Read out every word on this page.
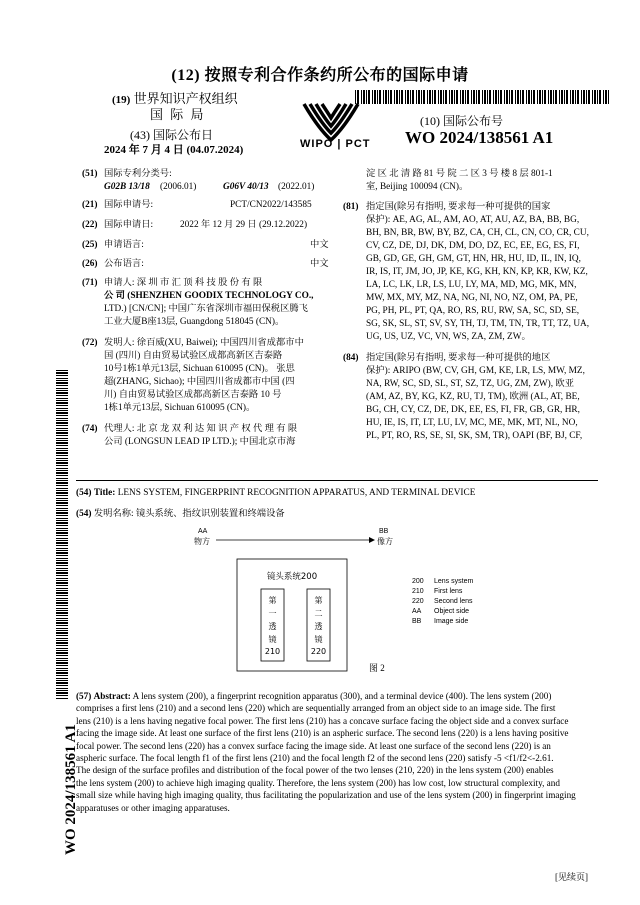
(12) 按照专利合作条约所公布的国际申请
(19) 世界知识产权组织
国 际 局
WIPO | PCT
(10) 国际公布号
WO 2024/138561 A1
(43) 国际公布日
2024 年 7 月 4 日 (04.07.2024)
WO 2024/138561 A1
(51) 国际专利分类号:
G02B 13/18 (2006.01)	G06V 40/13 (2022.01)
(21) 国际申请号:	PCT/CN2022/143585
(22) 国际申请日:	2022 年 12 月 29 日 (29.12.2022)
(25) 申请语言:	中文
(26) 公布语言:	中文
(71) 申请人: 深 圳 市 汇 顶 科 技 股 份 有 限
公 司 (SHENZHEN GOODIX TECHNOLOGY CO.,
LTD.) [CN/CN]; 中国广东省深圳市福田保税区腾飞
工业大厦B座13层, Guangdong 518045 (CN)。
(72) 发明人: 徐百威(XU, Baiwei); 中国四川省成都市中
国 (四川) 自由贸易试验区成都高新区吉泰路
10号1栋1单元13层, Sichuan 610095 (CN)。 张思
超(ZHANG, Sichao); 中国四川省成都市中国 (四
川) 自由贸易试验区成都高新区吉泰路 10 号
1栋1单元13层, Sichuan 610095 (CN)。
(74) 代理人: 北 京 龙 双 利 达 知 识 产 权 代 理 有 限
公司 (LONGSUN LEAD IP LTD.); 中国北京市海
淀 区 北 清 路 81 号 院 二 区 3 号 楼 8 层 801-1
室, Beijing 100094 (CN)。
(81) 指定国(除另有指明, 要求每一种可提供的国家
保护): AE, AG, AL, AM, AO, AT, AU, AZ, BA, BB, BG,
BH, BN, BR, BW, BY, BZ, CA, CH, CL, CN, CO, CR, CU,
CV, CZ, DE, DJ, DK, DM, DO, DZ, EC, EE, EG, ES, FI,
GB, GD, GE, GH, GM, GT, HN, HR, HU, ID, IL, IN, IQ,
IR, IS, IT, JM, JO, JP, KE, KG, KH, KN, KP, KR, KW, KZ,
LA, LC, LK, LR, LS, LU, LY, MA, MD, MG, MK, MN,
MW, MX, MY, MZ, NA, NG, NI, NO, NZ, OM, PA, PE,
PG, PH, PL, PT, QA, RO, RS, RU, RW, SA, SC, SD, SE,
SG, SK, SL, ST, SV, SY, TH, TJ, TM, TN, TR, TT, TZ, UA,
UG, US, UZ, VC, VN, WS, ZA, ZM, ZW。
(84) 指定国(除另有指明, 要求每一种可提供的地区
保护): ARIPO (BW, CV, GH, GM, KE, LR, LS, MW, MZ,
NA, RW, SC, SD, SL, ST, SZ, TZ, UG, ZM, ZW), 欧亚
(AM, AZ, BY, KG, KZ, RU, TJ, TM), 欧洲 (AL, AT, BE,
BG, CH, CY, CZ, DE, DK, EE, ES, FI, FR, GB, GR, HR,
HU, IE, IS, IT, LT, LU, LV, MC, ME, MK, MT, NL, NO,
PL, PT, RO, RS, SE, SI, SK, SM, TR), OAPI (BF, BJ, CF,
(54) Title: LENS SYSTEM, FINGERPRINT RECOGNITION APPARATUS, AND TERMINAL DEVICE
(54) 发明名称: 镜头系统、指纹识别装置和终端设备
AA
物方
BB
像方
镜头系统200
第
一
透
镜
210
第
二
透
镜
220
200 Lens system
210 First lens
220 Second lens
AA Object side
BB Image side
图 2
(57) Abstract: A lens system (200), a fingerprint recognition apparatus (300), and a terminal device (400). The lens system (200)
comprises a first lens (210) and a second lens (220) which are sequentially arranged from an object side to an image side. The first
lens (210) is a lens having negative focal power. The first lens (210) has a concave surface facing the object side and a convex surface
facing the image side. At least one surface of the first lens (210) is an aspheric surface. The second lens (220) is a lens having positive
focal power. The second lens (220) has a convex surface facing the image side. At least one surface of the second lens (220) is an
aspheric surface. The focal length f1 of the first lens (210) and the focal length f2 of the second lens (220) satisfy -5 <f1/f2<-2.61.
The design of the surface profiles and distribution of the focal power of the two lenses (210, 220) in the lens system (200) enables
the lens system (200) to achieve high imaging quality. Therefore, the lens system (200) has low cost, low structural complexity, and
small size while having high imaging quality, thus facilitating the popularization and use of the lens system (200) in fingerprint imaging
apparatuses or other imaging apparatuses.
[见续页]
